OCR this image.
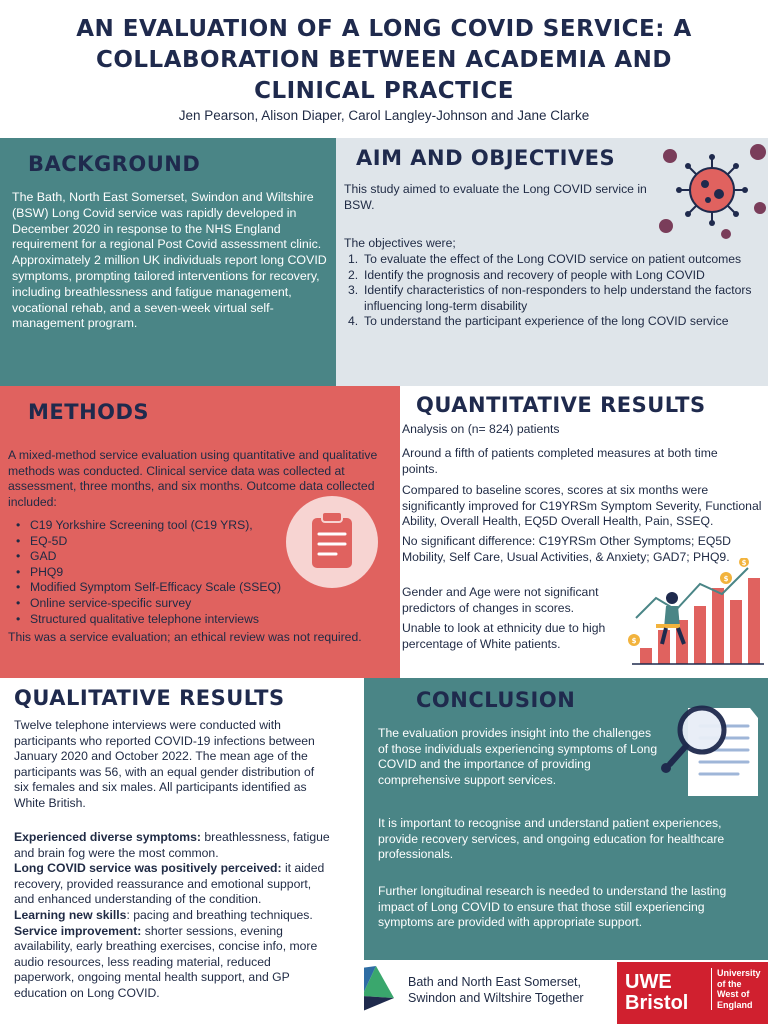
AN EVALUATION OF A LONG COVID SERVICE: A
COLLABORATION BETWEEN ACADEMIA AND
CLINICAL PRACTICE
Jen Pearson, Alison Diaper, Carol Langley-Johnson and Jane Clarke
BACKGROUND
The Bath, North East Somerset, Swindon and Wiltshire (BSW) Long Covid service was rapidly developed in December 2020 in response to the NHS England requirement for a regional Post Covid assessment clinic. Approximately 2 million UK individuals report long COVID symptoms, prompting tailored interventions for recovery, including breathlessness and fatigue management, vocational rehab, and a seven-week virtual self-management program.
AIM AND OBJECTIVES
This study aimed to evaluate the Long COVID service in BSW.
The objectives were;
1. To evaluate the effect of the Long COVID service on patient outcomes
2. Identify the prognosis and recovery of people with Long COVID
3. Identify characteristics of non-responders to help understand the factors influencing long-term disability
4. To understand the participant experience of the long COVID service
METHODS
A mixed-method service evaluation using quantitative and qualitative methods was conducted. Clinical service data was collected at assessment, three months, and six months. Outcome data collected included:
• C19 Yorkshire Screening tool (C19 YRS),
• EQ-5D
• GAD
• PHQ9
• Modified Symptom Self-Efficacy Scale (SSEQ)
• Online service-specific survey
• Structured qualitative telephone interviews
This was a service evaluation; an ethical review was not required.
QUANTITATIVE RESULTS
Analysis on (n= 824) patients
Around a fifth of patients completed measures at both time points.
Compared to baseline scores, scores at six months were significantly improved for C19YRSm Symptom Severity, Functional Ability, Overall Health, EQ5D Overall Health, Pain, SSEQ.
No significant difference: C19YRSm Other Symptoms; EQ5D Mobility, Self Care, Usual Activities, & Anxiety; GAD7; PHQ9.
Gender and Age were not significant predictors of changes in scores.
Unable to look at ethnicity due to high percentage of White patients.	$
$
$
QUALITATIVE RESULTS
Twelve telephone interviews were conducted with participants who reported COVID-19 infections between January 2020 and October 2022. The mean age of the participants was 56, with an equal gender distribution of six females and six males. All participants identified as White British.
Experienced diverse symptoms: breathlessness, fatigue and brain fog were the most common.
Long COVID service was positively perceived: it aided recovery, provided reassurance and emotional support, and enhanced understanding of the condition.
Learning new skills: pacing and breathing techniques.
Service improvement: shorter sessions, evening availability, early breathing exercises, concise info, more audio resources, less reading material, reduced paperwork, ongoing mental health support, and GP education on Long COVID.
CONCLUSION
The evaluation provides insight into the challenges of those individuals experiencing symptoms of Long COVID and the importance of providing comprehensive support services.
It is important to recognise and understand patient experiences, provide recovery services, and ongoing education for healthcare professionals.
Further longitudinal research is needed to understand the lasting impact of Long COVID to ensure that those still experiencing symptoms are provided with appropriate support.
Bath and North East Somerset,
Swindon and Wiltshire Together
UWE
Bristol
University
of the
West of
England
